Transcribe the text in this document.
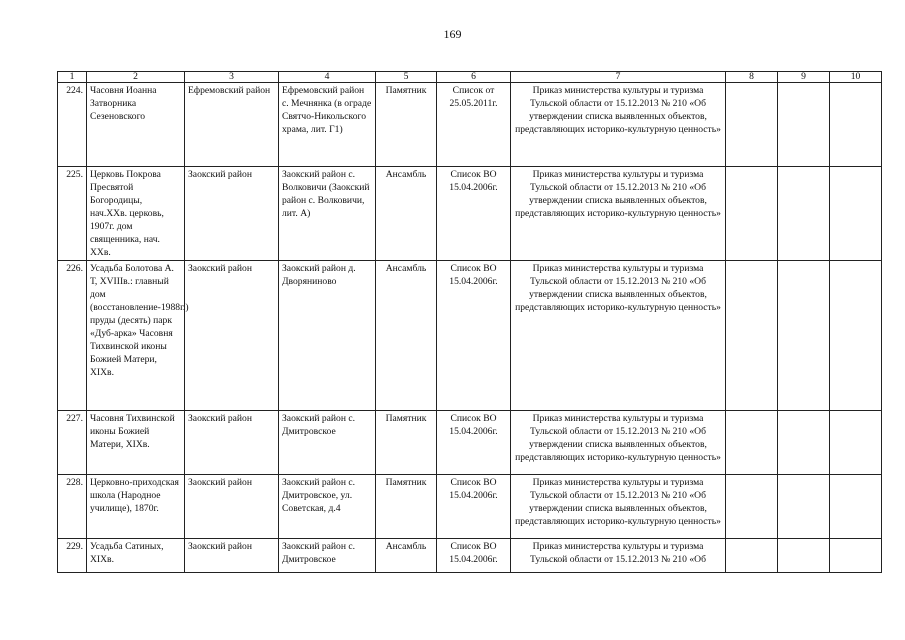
169
1	2	3	4	5	6	7	8	9	10
224.	Часовня Иоанна Затворника Сезеновского	Ефремовский район	Ефремовский район с. Мечнянка (в ограде Святчо-Никольского храма, лит. Г1)	Памятник	Список от 25.05.2011г.	Приказ министерства культуры и туризма Тульской области от 15.12.2013 № 210 «Об утверждении списка выявленных объектов, представляющих историко-культурную ценность»			
225.	Церковь Покрова Пресвятой Богородицы, нач.XXв. церковь, 1907г. дом священника, нач. XXв.	Заокский район	Заокский район с. Волковичи (Заокский район с. Волковичи, лит. А)	Ансамбль	Список ВО 15.04.2006г.	Приказ министерства культуры и туризма Тульской области от 15.12.2013 № 210 «Об утверждении списка выявленных объектов, представляющих историко-культурную ценность»			
226.	Усадьба Болотова А. Т, XVIIIв.: главный дом (восстановление-1988г.) пруды (десять) парк «Дуб-арка» Часовня Тихвинской иконы Божией Матери, XIXв.	Заокский район	Заокский район д. Дворяниново	Ансамбль	Список ВО 15.04.2006г.	Приказ министерства культуры и туризма Тульской области от 15.12.2013 № 210 «Об утверждении списка выявленных объектов, представляющих историко-культурную ценность»			
227.	Часовня Тихвинской иконы Божией Матери, XIXв.	Заокский район	Заокский район с. Дмитровское	Памятник	Список ВО 15.04.2006г.	Приказ министерства культуры и туризма Тульской области от 15.12.2013 № 210 «Об утверждении списка выявленных объектов, представляющих историко-культурную ценность»			
228.	Церковно-приходская школа (Народное училище), 1870г.	Заокский район	Заокский район с. Дмитровское, ул. Советская, д.4	Памятник	Список ВО 15.04.2006г.	Приказ министерства культуры и туризма Тульской области от 15.12.2013 № 210 «Об утверждении списка выявленных объектов, представляющих историко-культурную ценность»			
229.	Усадьба Сатиных, XIXв.	Заокский район	Заокский район с. Дмитровское	Ансамбль	Список ВО 15.04.2006г.	Приказ министерства культуры и туризма Тульской области от 15.12.2013 № 210 «Об			
